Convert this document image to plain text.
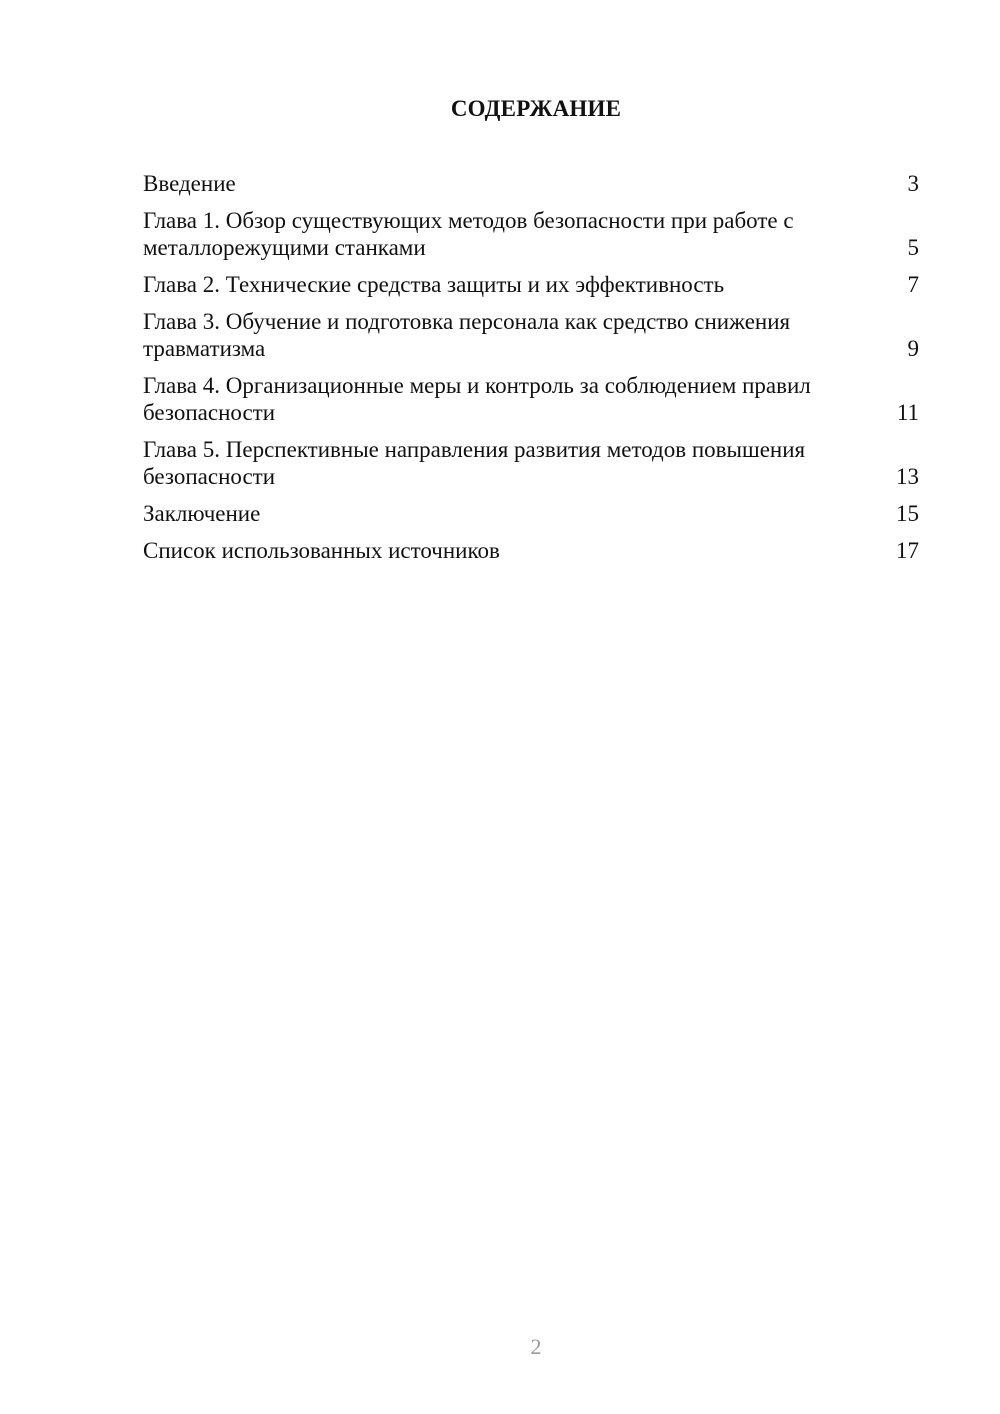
СОДЕРЖАНИЕ
Введение	3
Глава 1. Обзор существующих методов безопасности при работе с металлорежущими станками	5
Глава 2. Технические средства защиты и их эффективность	7
Глава 3. Обучение и подготовка персонала как средство снижения травматизма	9
Глава 4. Организационные меры и контроль за соблюдением правил безопасности	11
Глава 5. Перспективные направления развития методов повышения безопасности	13
Заключение	15
Список использованных источников	17
2
